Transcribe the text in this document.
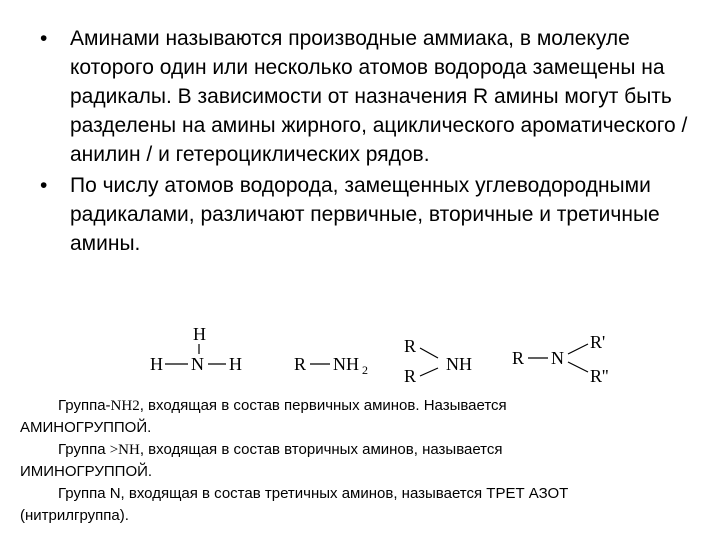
• Аминами называются производные аммиака, в молекуле которого один или несколько атомов водорода замещены на радикалы. В зависимости от назначения R амины могут быть разделены на амины жирного, ациклического ароматического / анилин / и гетероциклических рядов.
• По числу атомов водорода, замещенных углеводородными радикалами, различают первичные, вторичные и третичные амины.
H
H N H	R NH 2
R
R
NH R N
R'
R''

Группа-NH2, входящая в состав первичных аминов. Называется

АМИНОГРУППОЙ.

Группа >NH, входящая в состав вторичных аминов, называется

ИМИНОГРУППОЙ.

Группа N, входящая в состав третичных аминов, называется ТРЕТ АЗОТ

(нитрилгруппа).
